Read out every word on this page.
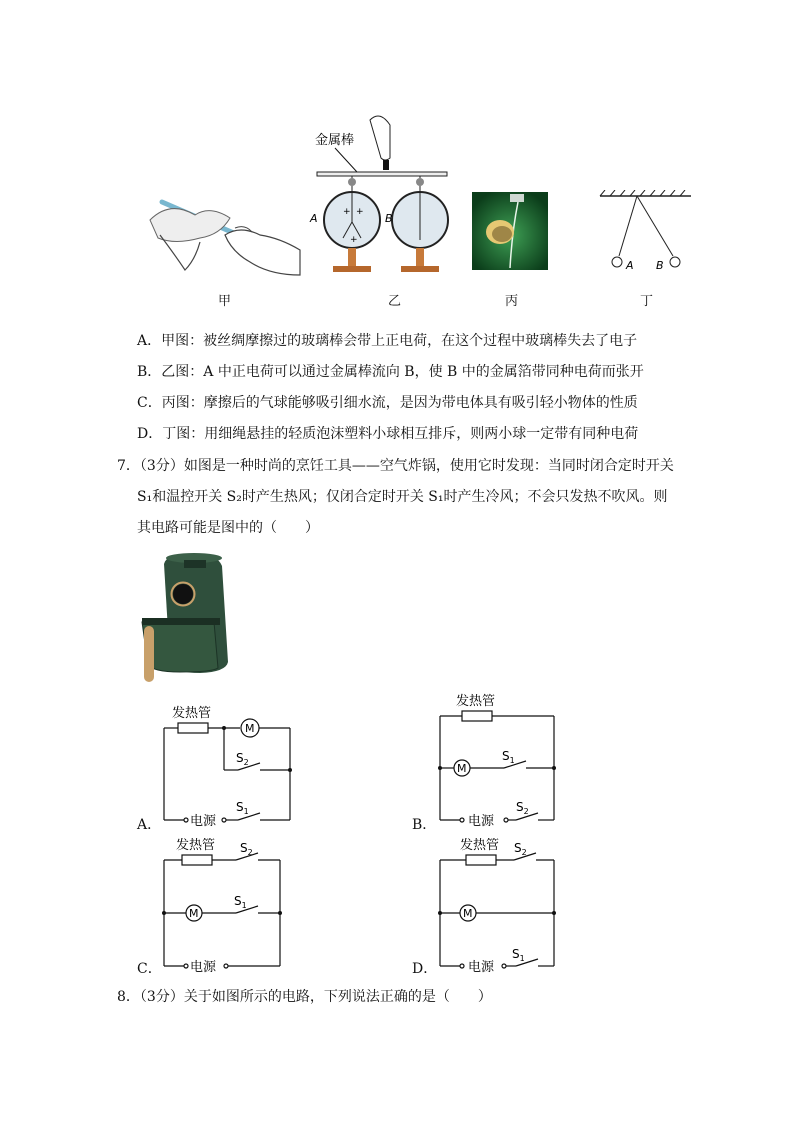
金属棒
+ +
+
A	B
A B
甲	乙	丙	丁
A．甲图：被丝绸摩擦过的玻璃棒会带上正电荷，在这个过程中玻璃棒失去了电子
B．乙图：A 中正电荷可以通过金属棒流向 B，使 B 中的金属箔带同种电荷而张开
C．丙图：摩擦后的气球能够吸引细水流，是因为带电体具有吸引轻小物体的性质
D．丁图：用细绳悬挂的轻质泡沫塑料小球相互排斥，则两小球一定带有同种电荷
7．（3分）如图是一种时尚的烹饪工具——空气炸锅，使用它时发现：当同时闭合定时开关
S₁和温控开关 S₂时产生热风；仅闭合定时开关 S₁时产生冷风；不会只发热不吹风。则
其电路可能是图中的（　　）
发热管
M
$S_2$
$S_1$
电源
A．
发热管
M
$S_1$
$S_2$
电源
B．
发热管
M
$S_2$
$S_1$
电源
C．
发热管
M
$S_2$
$S_1$
电源
D．
8．（3分）关于如图所示的电路，下列说法正确的是（　　）
